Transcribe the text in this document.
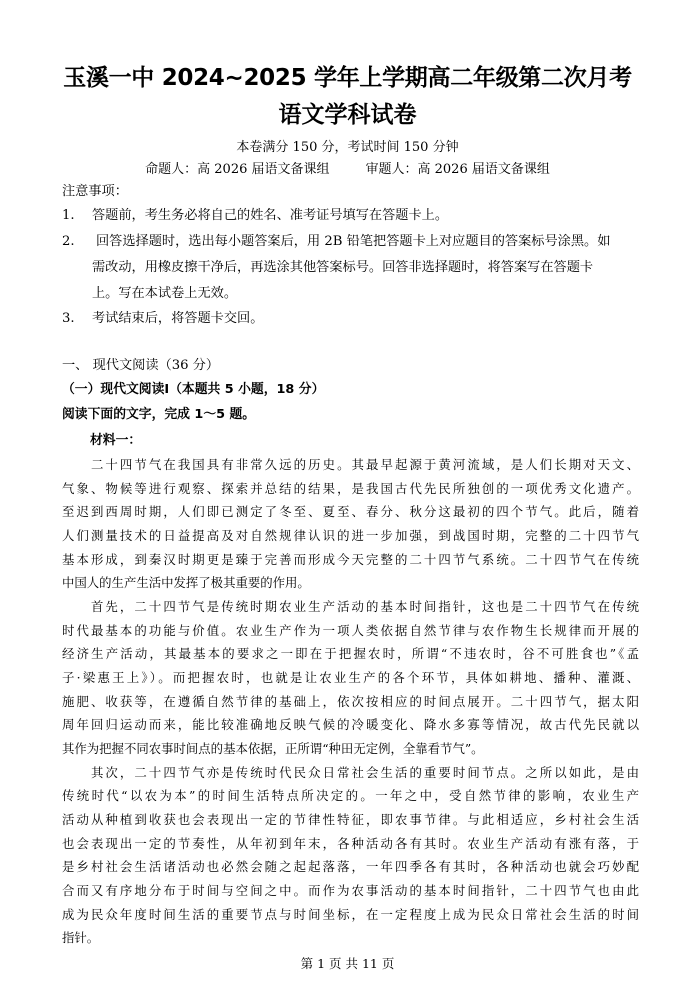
玉溪一中 2024~2025 学年上学期高二年级第二次月考
语文学科试卷
本卷满分 150 分，考试时间 150 分钟
命题人：高 2026 届语文备课组	审题人：高 2026 届语文备课组
注意事项：
1. 答题前，考生务必将自己的姓名、准考证号填写在答题卡上。
2. 回答选择题时，选出每小题答案后，用 2B 铅笔把答题卡上对应题目的答案标号涂黑。如
需改动，用橡皮擦干净后，再选涂其他答案标号。回答非选择题时，将答案写在答题卡
上。写在本试卷上无效。
3. 考试结束后，将答题卡交回。
一、 现代文阅读（36 分）
（一）现代文阅读Ⅰ（本题共 5 小题，18 分）
阅读下面的文字，完成 1～5 题。
材料一：
　　二十四节气在我国具有非常久远的历史。其最早起源于黄河流域，是人们长期对天文、
气象、物候等进行观察、探索并总结的结果，是我国古代先民所独创的一项优秀文化遗产。
至迟到西周时期，人们即已测定了冬至、夏至、春分、秋分这最初的四个节气。此后，随着
人们测量技术的日益提高及对自然规律认识的进一步加强，到战国时期，完整的二十四节气
基本形成，到秦汉时期更是臻于完善而形成今天完整的二十四节气系统。二十四节气在传统
中国人的生产生活中发挥了极其重要的作用。
　　首先，二十四节气是传统时期农业生产活动的基本时间指针，这也是二十四节气在传统
时代最基本的功能与价值。农业生产作为一项人类依据自然节律与农作物生长规律而开展的
经济生产活动，其最基本的要求之一即在于把握农时，所谓“不违农时，谷不可胜食也”《孟
子·梁惠王上》）。而把握农时，也就是让农业生产的各个环节，具体如耕地、播种、灌溉、
施肥、收获等，在遵循自然节律的基础上，依次按相应的时间点展开。二十四节气，据太阳
周年回归运动而来，能比较准确地反映气候的冷暖变化、降水多寡等情况，故古代先民就以
其作为把握不同农事时间点的基本依据，正所谓“种田无定例，全靠看节气”。
　　其次，二十四节气亦是传统时代民众日常社会生活的重要时间节点。之所以如此，是由
传统时代“以农为本”的时间生活特点所决定的。一年之中，受自然节律的影响，农业生产
活动从种植到收获也会表现出一定的节律性特征，即农事节律。与此相适应，乡村社会生活
也会表现出一定的节奏性，从年初到年末，各种活动各有其时。农业生产活动有涨有落，于
是乡村社会生活诸活动也必然会随之起起落落，一年四季各有其时，各种活动也就会巧妙配
合而又有序地分布于时间与空间之中。而作为农事活动的基本时间指针，二十四节气也由此
成为民众年度时间生活的重要节点与时间坐标，在一定程度上成为民众日常社会生活的时间
指针。
第 1 页 共 11 页
